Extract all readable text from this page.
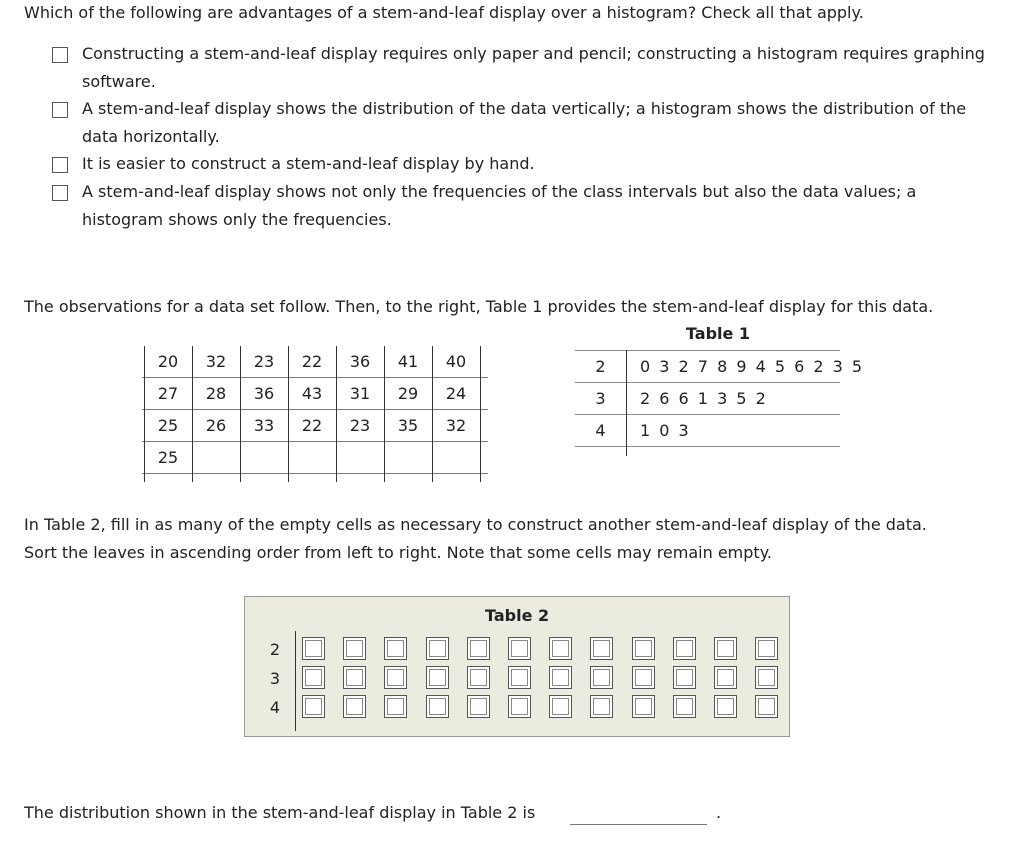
Which of the following are advantages of a stem-and-leaf display over a histogram? Check all that apply.
Constructing a stem-and-leaf display requires only paper and pencil; constructing a histogram requires graphing software.
A stem-and-leaf display shows the distribution of the data vertically; a histogram shows the distribution of the data horizontally.
It is easier to construct a stem-and-leaf display by hand.
A stem-and-leaf display shows not only the frequencies of the class intervals but also the data values; a histogram shows only the frequencies.
The observations for a data set follow. Then, to the right, Table 1 provides the stem-and-leaf display for this data.
20	32	23	22	36	41	40
27	28	36	43	31	29	24
25	26	33	22	23	35	32
25
Table 1
2	0 3 2 7 8 9 4 5 6 2 3 5
3	2 6 6 1 3 5 2
4	1 0 3
In Table 2, fill in as many of the empty cells as necessary to construct another stem-and-leaf display of the data.
Sort the leaves in ascending order from left to right. Note that some cells may remain empty.
Table 2
2
3
4
The distribution shown in the stem-and-leaf display in Table 2 is	.
